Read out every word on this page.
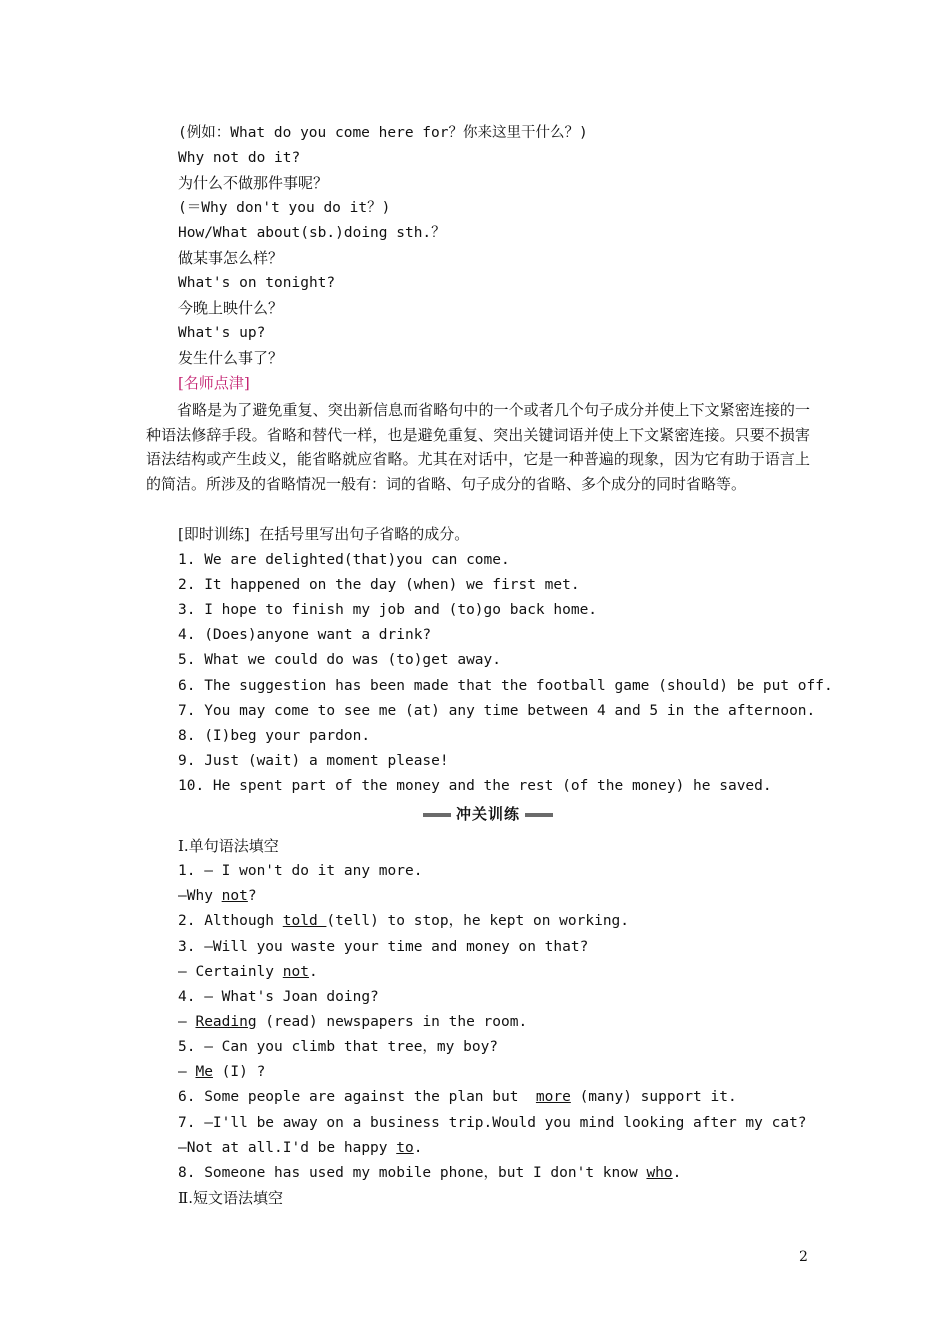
(例如：What do you come here for？你来这里干什么？)
Why not do it?
为什么不做那件事呢？
(＝Why don't you do it？)
How/What about(sb.)doing sth.？
做某事怎么样？
What's on tonight?
今晚上映什么？
What's up?
发生什么事了？
[名师点津]

省略是为了避免重复、突出新信息而省略句中的一个或者几个句子成分并使上下文紧密连接的一种语法修辞手段。省略和替代一样，也是避免重复、突出关键词语并使上下文紧密连接。只要不损害语法结构或产生歧义，能省略就应省略。尤其在对话中，它是一种普遍的现象，因为它有助于语言上的简洁。所涉及的省略情况一般有：词的省略、句子成分的省略、多个成分的同时省略等。

[即时训练]  在括号里写出句子省略的成分。
1. We are delighted(that)you can come.
2. It happened on the day (when) we first met.
3. I hope to finish my job and (to)go back home.
4. (Does)anyone want a drink?
5. What we could do was (to)get away.
6. The suggestion has been made that the football game (should) be put off.
7. You may come to see me (at) any time between 4 and 5 in the afternoon.
8. (I)beg your pardon.
9. Just (wait) a moment please!
10. He spent part of the money and the rest (of the money) he saved.
冲关训练
Ⅰ.单句语法填空
1. — I won't do it any more.
—Why not?
2. Although told (tell) to stop，he kept on working.
3. —Will you waste your time and money on that?
— Certainly not.
4. — What's Joan doing?
— Reading (read) newspapers in the room.
5. — Can you climb that tree，my boy?
— Me (I) ?
6. Some people are against the plan but  more (many) support it.
7. —I'll be away on a business trip.Would you mind looking after my cat?
—Not at all.I'd be happy to.
8. Someone has used my mobile phone，but I don't know who.
Ⅱ.短文语法填空
2
